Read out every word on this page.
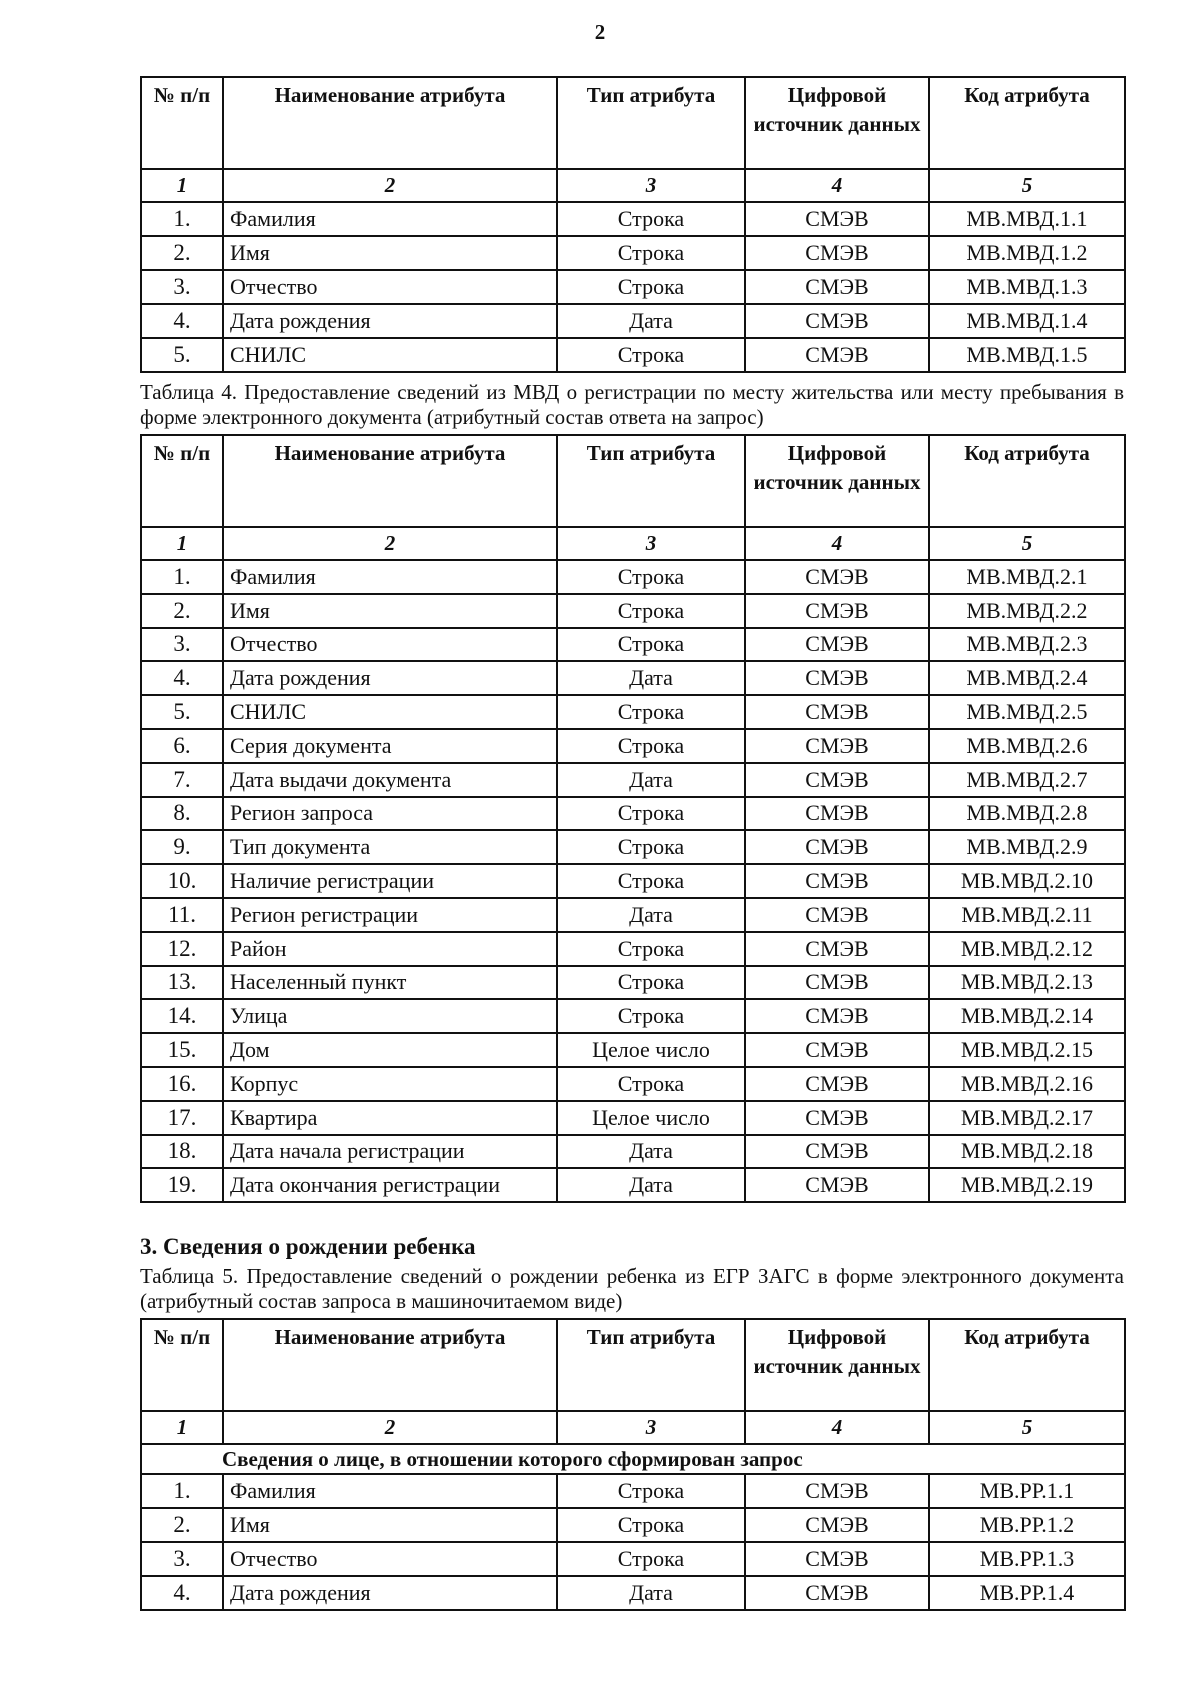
2
№ п/п	Наименование атрибута	Тип атрибута	Цифровой источник данных	Код атрибута
1	2	3	4	5
1.	Фамилия	Строка	СМЭВ	МВ.МВД.1.1
2.	Имя	Строка	СМЭВ	МВ.МВД.1.2
3.	Отчество	Строка	СМЭВ	МВ.МВД.1.3
4.	Дата рождения	Дата	СМЭВ	МВ.МВД.1.4
5.	СНИЛС	Строка	СМЭВ	МВ.МВД.1.5
Таблица 4. Предоставление сведений из МВД о регистрации по месту жительства или месту пребывания в форме электронного документа (атрибутный состав ответа на запрос)
№ п/п	Наименование атрибута	Тип атрибута	Цифровой источник данных	Код атрибута
1	2	3	4	5
1.	Фамилия	Строка	СМЭВ	МВ.МВД.2.1
2.	Имя	Строка	СМЭВ	МВ.МВД.2.2
3.	Отчество	Строка	СМЭВ	МВ.МВД.2.3
4.	Дата рождения	Дата	СМЭВ	МВ.МВД.2.4
5.	СНИЛС	Строка	СМЭВ	МВ.МВД.2.5
6.	Серия документа	Строка	СМЭВ	МВ.МВД.2.6
7.	Дата выдачи документа	Дата	СМЭВ	МВ.МВД.2.7
8.	Регион запроса	Строка	СМЭВ	МВ.МВД.2.8
9.	Тип документа	Строка	СМЭВ	МВ.МВД.2.9
10.	Наличие регистрации	Строка	СМЭВ	МВ.МВД.2.10
11.	Регион регистрации	Дата	СМЭВ	МВ.МВД.2.11
12.	Район	Строка	СМЭВ	МВ.МВД.2.12
13.	Населенный пункт	Строка	СМЭВ	МВ.МВД.2.13
14.	Улица	Строка	СМЭВ	МВ.МВД.2.14
15.	Дом	Целое число	СМЭВ	МВ.МВД.2.15
16.	Корпус	Строка	СМЭВ	МВ.МВД.2.16
17.	Квартира	Целое число	СМЭВ	МВ.МВД.2.17
18.	Дата начала регистрации	Дата	СМЭВ	МВ.МВД.2.18
19.	Дата окончания регистрации	Дата	СМЭВ	МВ.МВД.2.19
3. Сведения о рождении ребенка
Таблица 5. Предоставление сведений о рождении ребенка из ЕГР ЗАГС в форме электронного документа (атрибутный состав запроса в машиночитаемом виде)
№ п/п	Наименование атрибута	Тип атрибута	Цифровой источник данных	Код атрибута
1	2	3	4	5
Сведения о лице, в отношении которого сформирован запрос				
1.	Фамилия	Строка	СМЭВ	МВ.РР.1.1
2.	Имя	Строка	СМЭВ	МВ.РР.1.2
3.	Отчество	Строка	СМЭВ	МВ.РР.1.3
4.	Дата рождения	Дата	СМЭВ	МВ.РР.1.4
